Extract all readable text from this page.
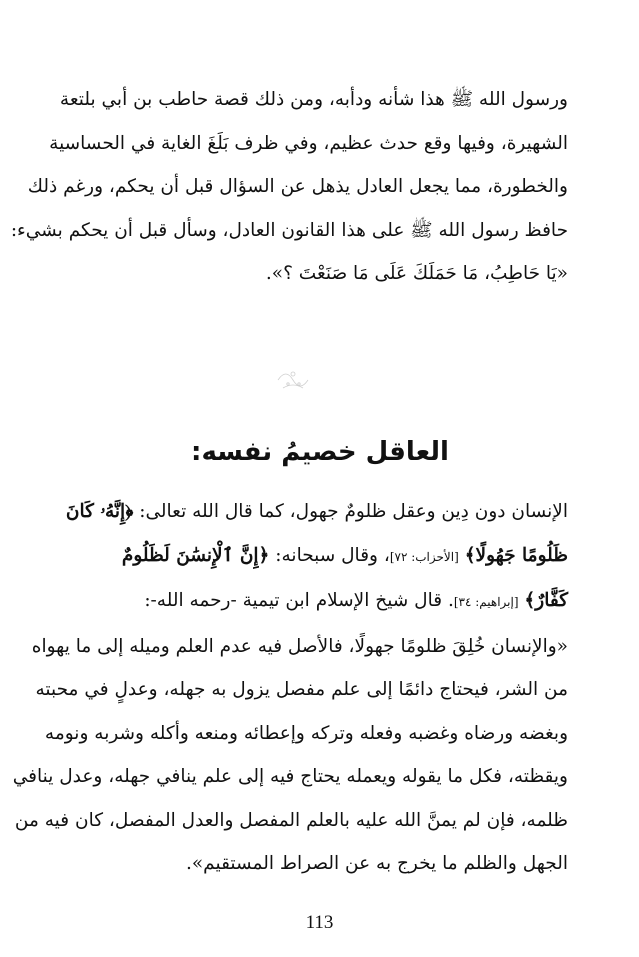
ورسول الله ﷺ هذا شأنه ودأبه، ومن ذلك قصة حاطب بن أبي بلتعة
الشهيرة، وفيها وقع حدث عظيم، وفي ظرف بَلَغَ الغاية في الحساسية
والخطورة، مما يجعل العادل يذهل عن السؤال قبل أن يحكم، ورغم ذلك
حافظ رسول الله ﷺ على هذا القانون العادل، وسأل قبل أن يحكم بشيء:
«يَا حَاطِبُ، مَا حَمَلَكَ عَلَى مَا صَنَعْتَ ؟».
العاقل خصيمُ نفسه:
الإنسان دون دِين وعقل ظلومٌ جهول، كما قال الله تعالى: ﴿إِنَّهُۥ كَانَ
ظَلُومًا جَهُولًا﴾ [الأحزاب: ٧٢]، وقال سبحانه: ﴿إِنَّ ٱلْإِنسَٰنَ لَظَلُومٌ
كَفَّارٌ﴾ [إبراهيم: ٣٤]. قال شيخ الإسلام ابن تيمية -رحمه الله-:
«والإنسان خُلِقَ ظلومًا جهولًا، فالأصل فيه عدم العلم وميله إلى ما يهواه
من الشر، فيحتاج دائمًا إلى علم مفصل يزول به جهله، وعدلٍ في محبته
وبغضه ورضاه وغضبه وفعله وتركه وإعطائه ومنعه وأكله وشربه ونومه
ويقظته، فكل ما يقوله ويعمله يحتاج فيه إلى علم ينافي جهله، وعدل ينافي
ظلمه، فإن لم يمنَّ الله عليه بالعلم المفصل والعدل المفصل، كان فيه من
الجهل والظلم ما يخرج به عن الصراط المستقيم».
113
